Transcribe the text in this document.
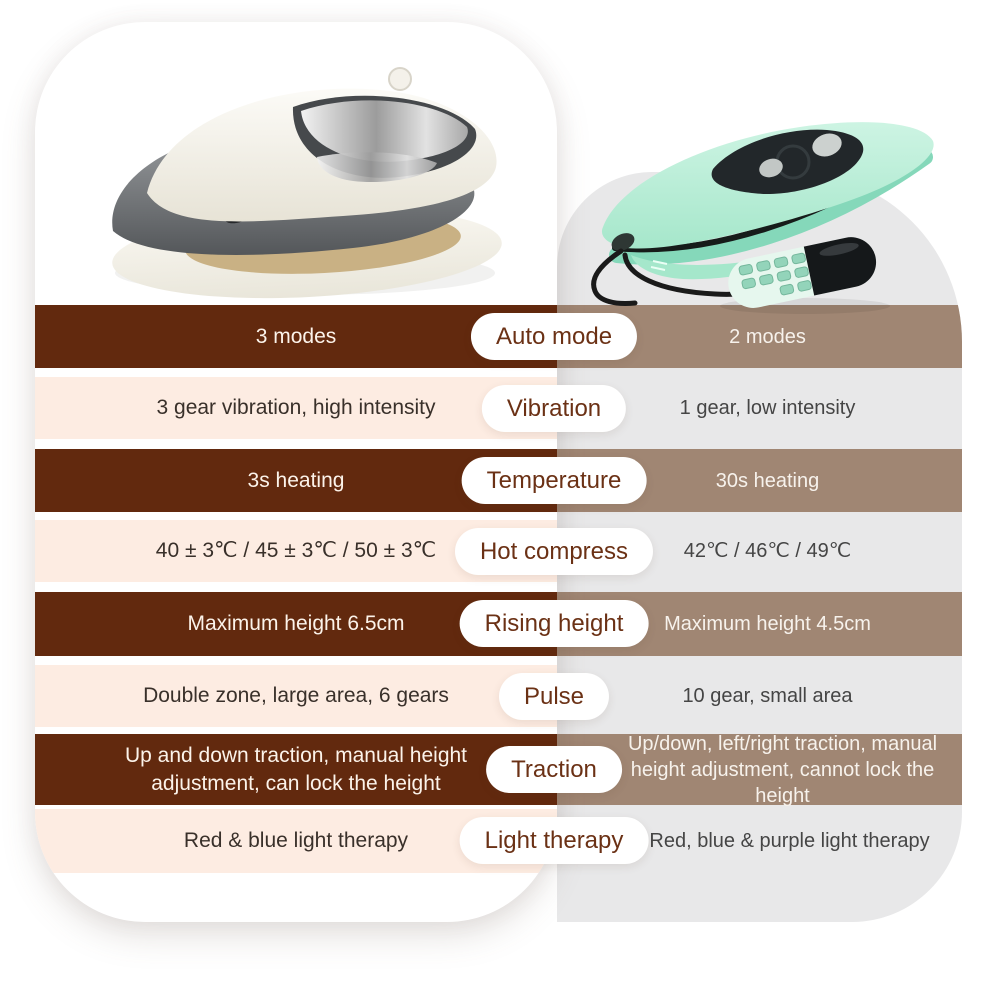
3 modes
3 gear vibration, high intensity
3s heating
40 ± 3℃ / 45 ± 3℃ / 50 ± 3℃
Maximum height 6.5cm
Double zone, large area, 6 gears
Up and down traction, manual height adjustment, can lock the height
Red & blue light therapy
2 modes
1 gear, low intensity
30s heating
42℃ / 46℃ / 49℃
Maximum height 4.5cm
10 gear, small area
Up/down, left/right traction, manual height adjustment, cannot lock the height
Red, blue & purple light therapy
Auto mode
Vibration
Temperature
Hot compress
Rising height
Pulse
Traction
Light therapy
